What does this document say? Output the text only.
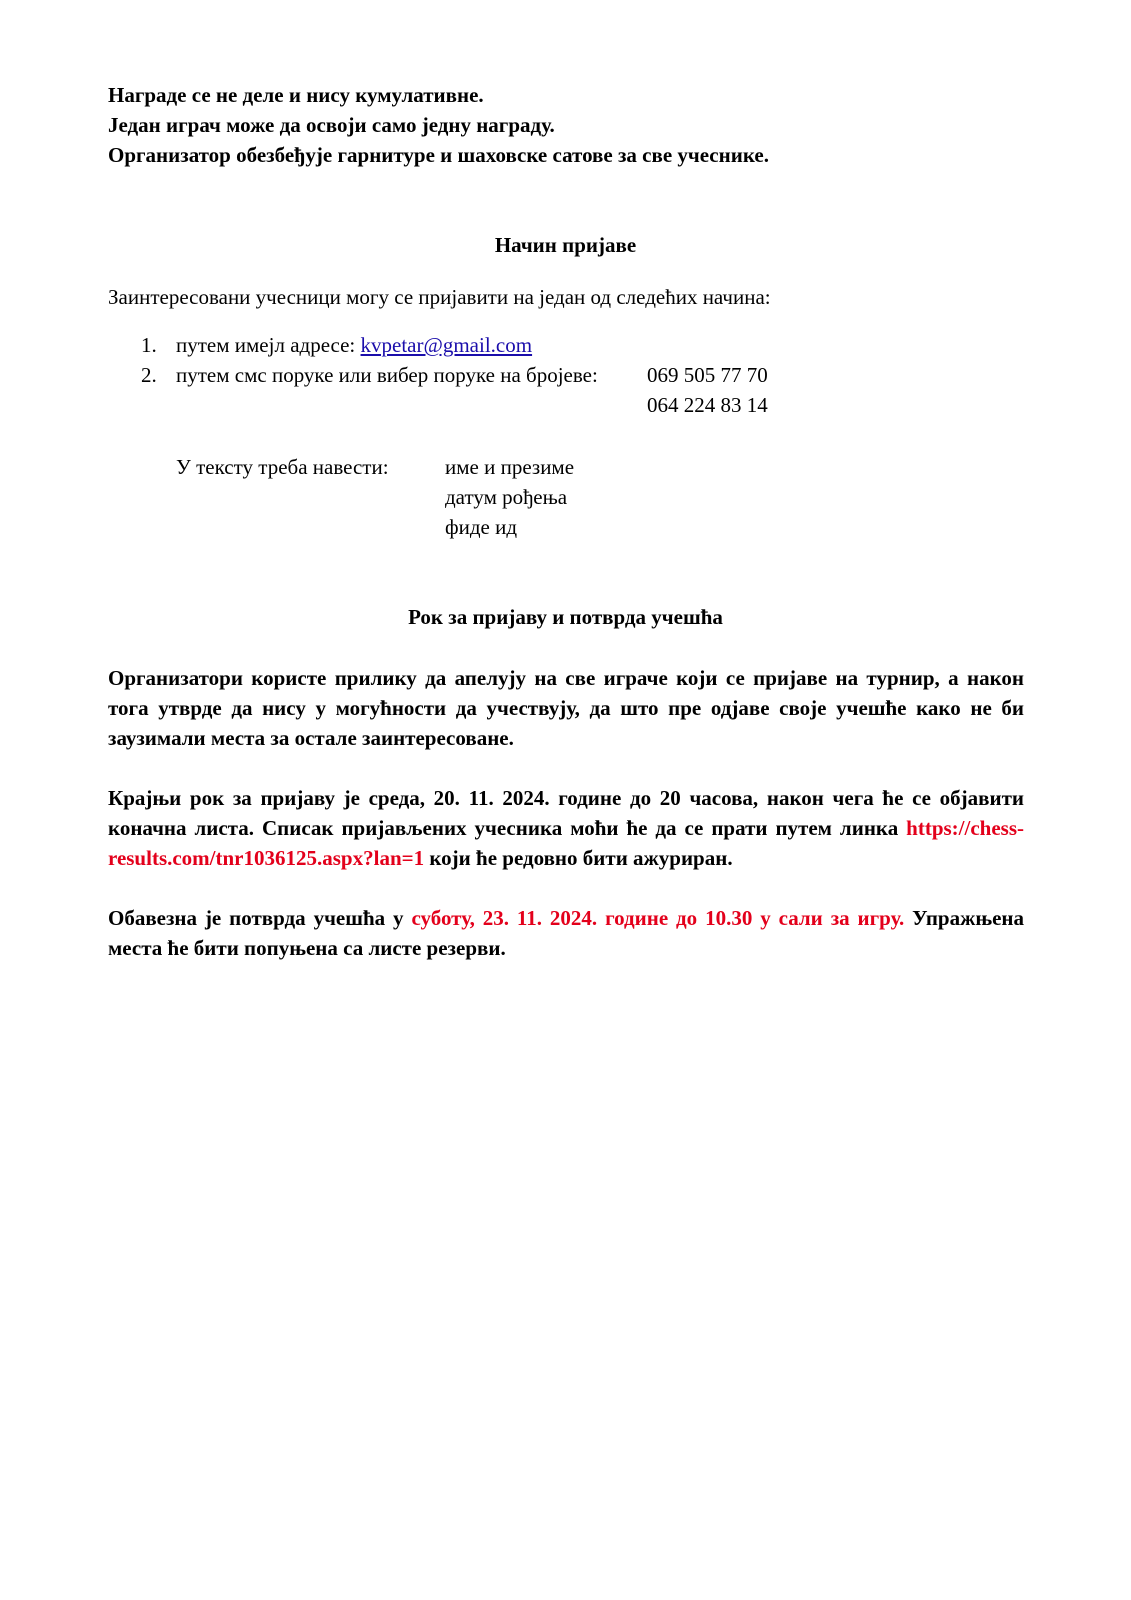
Награде се не деле и нису кумулативне.
Један играч може да освоји само једну награду.
Организатор обезбеђује гарнитуре и шаховске сатове за све учеснике.
Начин пријаве
Заинтересовани учесници могу се пријавити на један од следећих начина:
1. путем имејл адресе: kvpetar@gmail.com
2. путем смс поруке или вибер поруке на бројеве: 069 505 77 70
064 224 83 14
У тексту треба навести:	име и презиме
датум рођења
фиде ид
Рок за пријаву и потврда учешћа
Организатори користе прилику да апелују на све играче који се пријаве на турнир, а након тога утврде да нису у могућности да учествују, да што пре одјаве своје учешће како не би заузимали места за остале заинтересоване.
Крајњи рок за пријаву је среда, 20. 11. 2024. године до 20 часова, након чега ће се објавити коначна листа. Списак пријављених учесника моћи ће да се прати путем линка https://chess-results.com/tnr1036125.aspx?lan=1 који ће редовно бити ажуриран.
Обавезна је потврда учешћа у суботу, 23. 11. 2024. године до 10.30 у сали за игру. Упражњена места ће бити попуњена са листе резерви.
